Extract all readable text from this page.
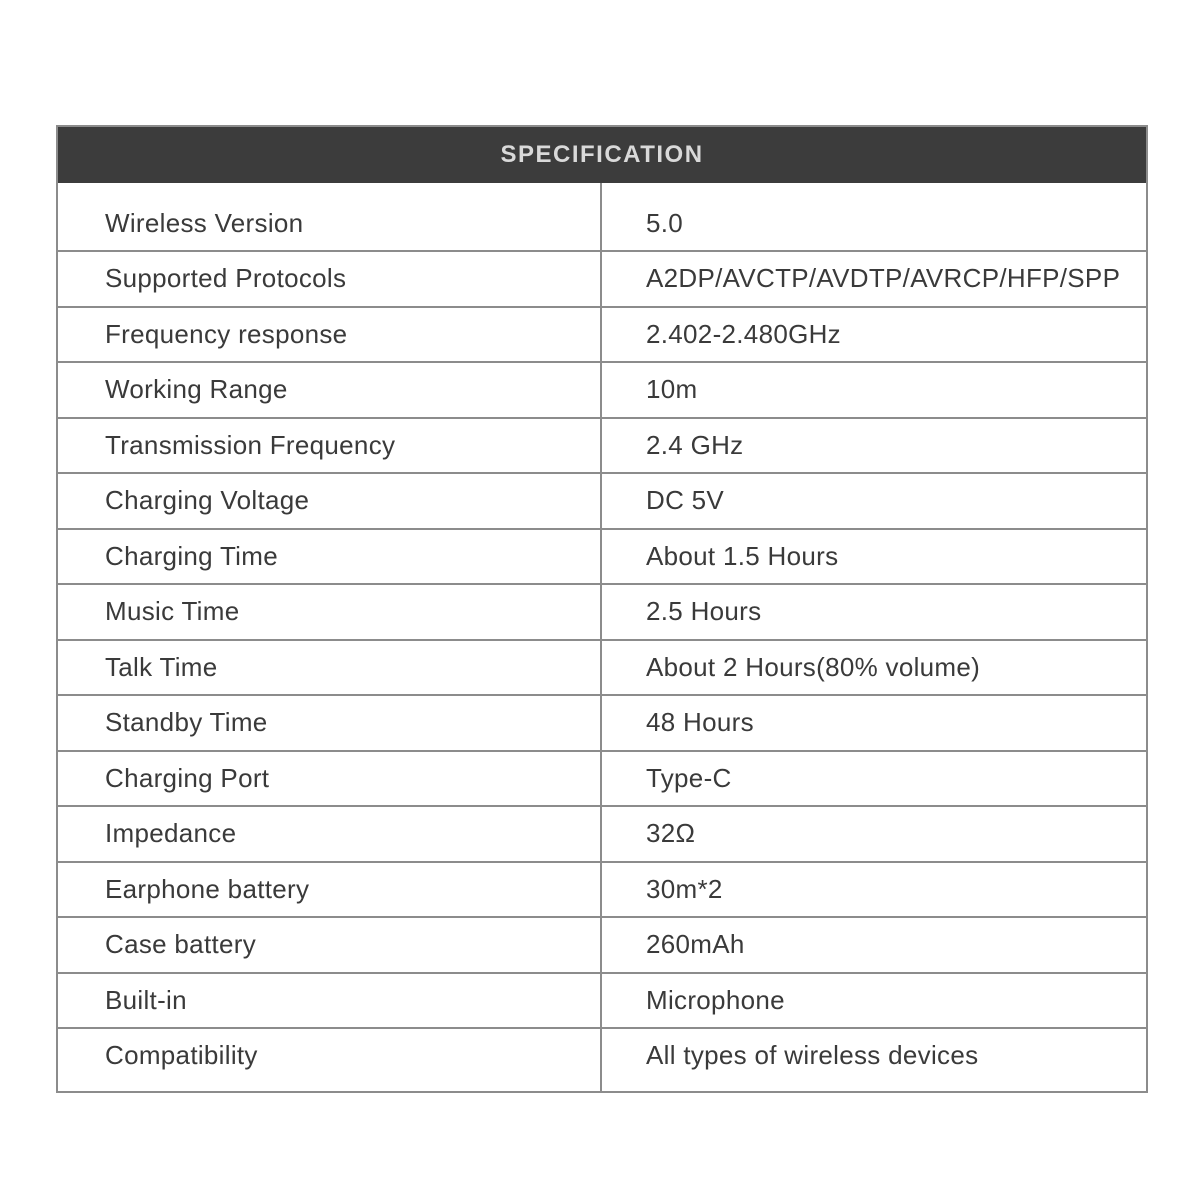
SPECIFICATION
Wireless Version	5.0
Supported Protocols	A2DP/AVCTP/AVDTP/AVRCP/HFP/SPP
Frequency response	2.402-2.480GHz
Working Range	10m
Transmission Frequency	2.4 GHz
Charging Voltage	DC 5V
Charging Time	About 1.5 Hours
Music Time	2.5 Hours
Talk Time	About 2 Hours(80% volume)
Standby Time	48 Hours
Charging Port	Type-C
Impedance	32Ω
Earphone battery	30m*2
Case battery	260mAh
Built-in	Microphone
Compatibility	All types of wireless devices
